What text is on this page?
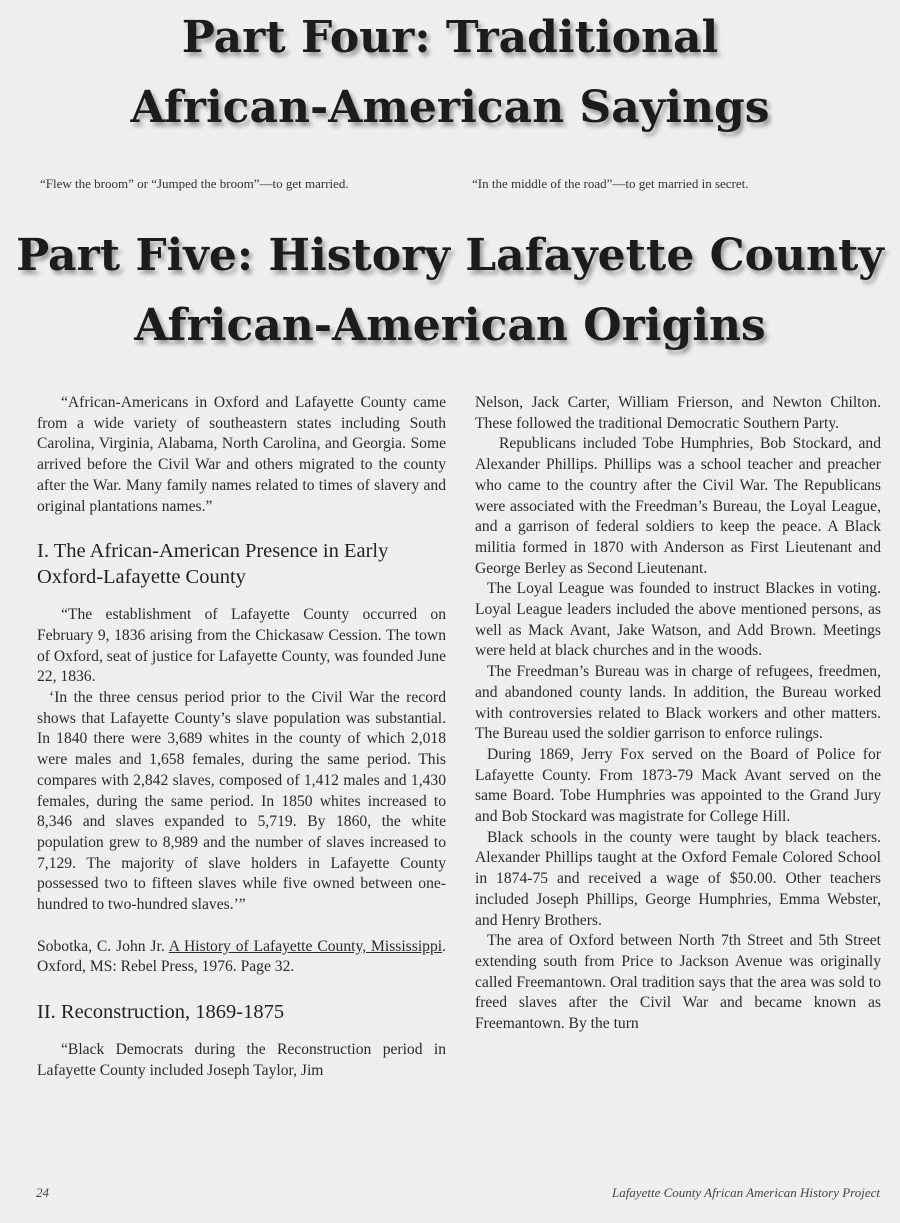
Part Four: Traditional
African-American Sayings
“Flew the broom” or “Jumped the broom”—to get married.	“In the middle of the road”—to get married in secret.
Part Five: History Lafayette County
African-American Origins

“African-Americans in Oxford and Lafayette County came from a wide variety of southeastern states including South Carolina, Virginia, Alabama, North Carolina, and Georgia. Some arrived before the Civil War and others migrated to the county after the War. Many family names related to times of slavery and original plantations names.”

I. The African-American Presence in Early Oxford-Lafayette County

“The establishment of Lafayette County occurred on February 9, 1836 arising from the Chickasaw Cession. The town of Oxford, seat of justice for Lafayette County, was founded June 22, 1836.

‘In the three census period prior to the Civil War the record shows that Lafayette County’s slave population was substantial. In 1840 there were 3,689 whites in the county of which 2,018 were males and 1,658 females, during the same period. This compares with 2,842 slaves, composed of 1,412 males and 1,430 females, during the same period. In 1850 whites increased to 8,346 and slaves expanded to 5,719. By 1860, the white population grew to 8,989 and the number of slaves increased to 7,129. The majority of slave holders in Lafayette County possessed two to fifteen slaves while five owned between one-hundred to two-hundred slaves.’”

Sobotka, C. John Jr. A History of Lafayette County, Mississippi. Oxford, MS: Rebel Press, 1976. Page 32.

II. Reconstruction, 1869-1875

“Black Democrats during the Reconstruction period in Lafayette County included Joseph Taylor, Jim

Nelson, Jack Carter, William Frierson, and Newton Chilton. These followed the traditional Democratic Southern Party.

Republicans included Tobe Humphries, Bob Stockard, and Alexander Phillips. Phillips was a school teacher and preacher who came to the country after the Civil War. The Republicans were associated with the Freedman’s Bureau, the Loyal League, and a garrison of federal soldiers to keep the peace. A Black militia formed in 1870 with Anderson as First Lieutenant and George Berley as Second Lieutenant.

The Loyal League was founded to instruct Blackes in voting. Loyal League leaders included the above mentioned persons, as well as Mack Avant, Jake Watson, and Add Brown. Meetings were held at black churches and in the woods.

The Freedman’s Bureau was in charge of refugees, freedmen, and abandoned county lands. In addition, the Bureau worked with controversies related to Black workers and other matters. The Bureau used the soldier garrison to enforce rulings.

During 1869, Jerry Fox served on the Board of Police for Lafayette County. From 1873-79 Mack Avant served on the same Board. Tobe Humphries was appointed to the Grand Jury and Bob Stockard was magistrate for College Hill.

Black schools in the county were taught by black teachers. Alexander Phillips taught at the Oxford Female Colored School in 1874-75 and received a wage of $50.00. Other teachers included Joseph Phillips, George Humphries, Emma Webster, and Henry Brothers.

The area of Oxford between North 7th Street and 5th Street extending south from Price to Jackson Avenue was originally called Freemantown. Oral tradition says that the area was sold to freed slaves after the Civil War and became known as Freemantown. By the turn

24	Lafayette County African American History Project
